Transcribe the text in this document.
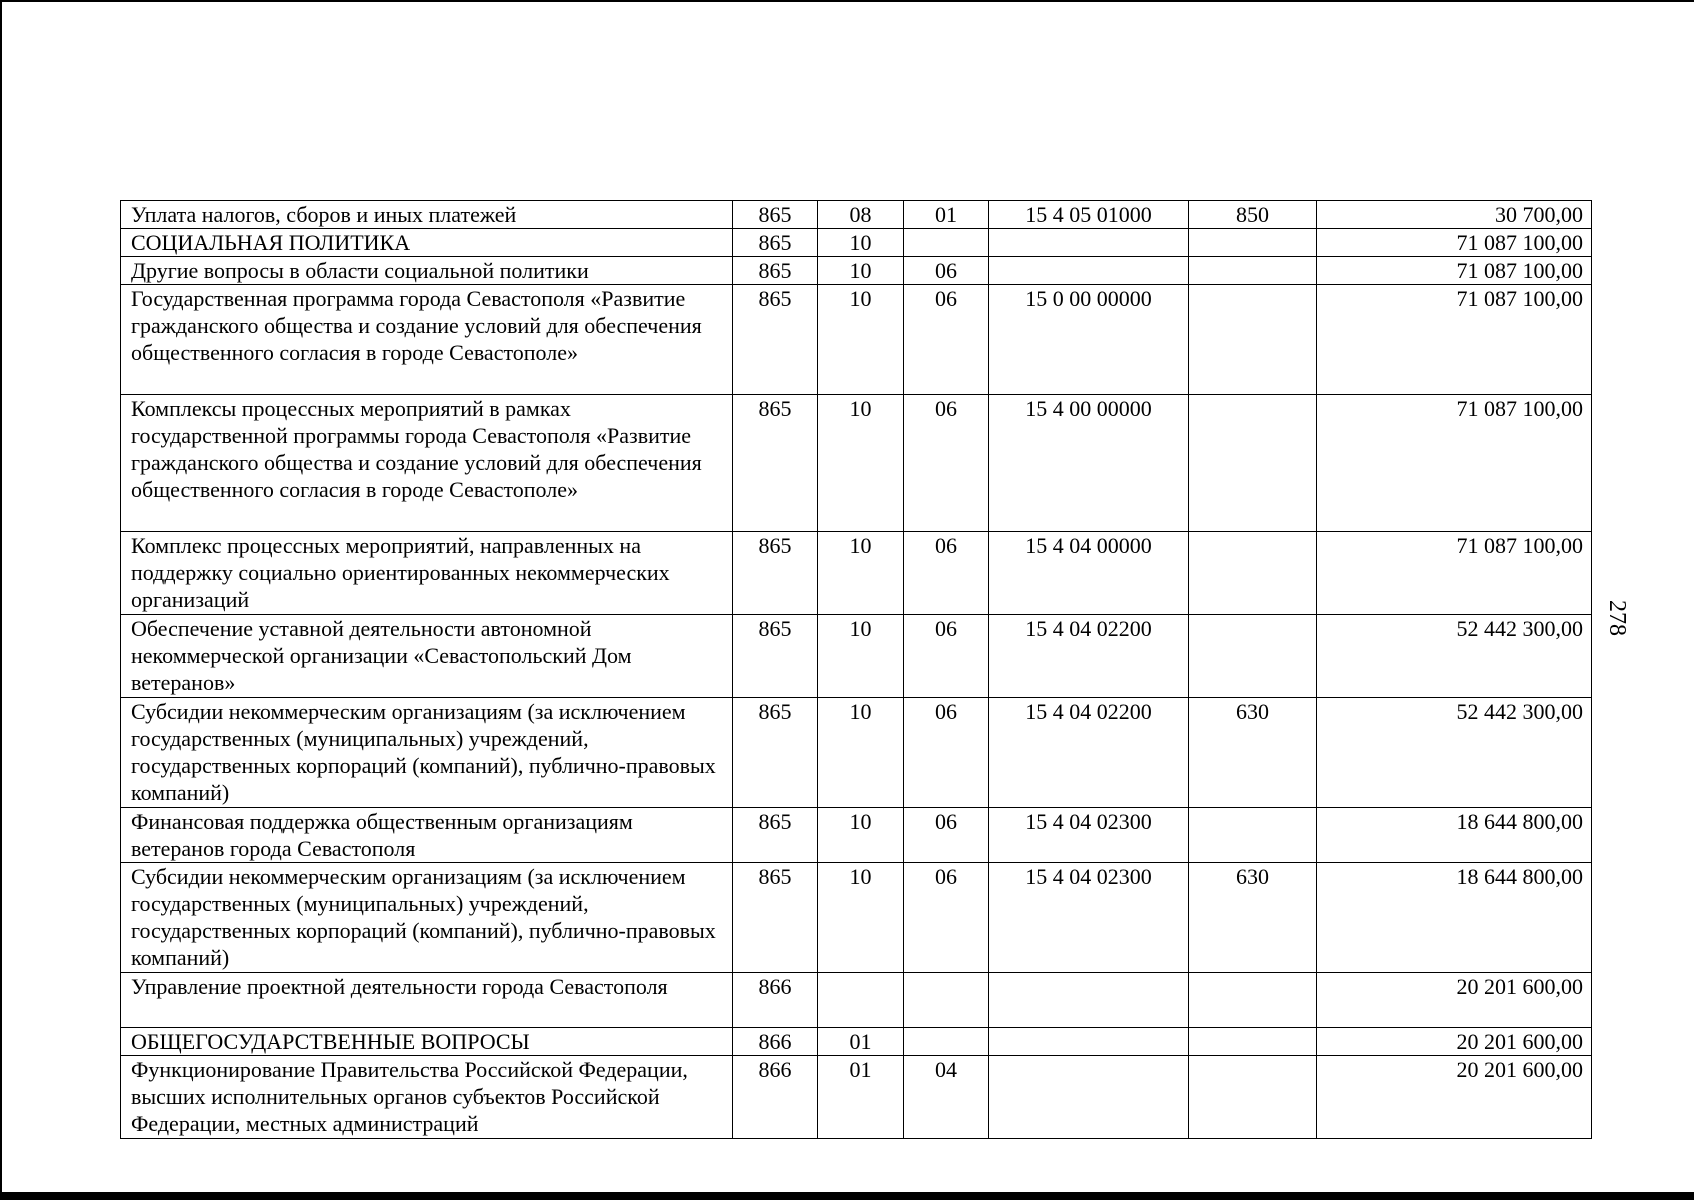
Уплата налогов, сборов и иных платежей	865	08	01	15 4 05 01000	850	30 700,00
СОЦИАЛЬНАЯ ПОЛИТИКА	865	10				71 087 100,00
Другие вопросы в области социальной политики	865	10	06			71 087 100,00
Государственная программа города Севастополя «Развитие гражданского общества и создание условий для обеспечения общественного согласия в городе Севастополе»	865	10	06	15 0 00 00000		71 087 100,00
Комплексы процессных мероприятий в рамках государственной программы города Севастополя «Развитие гражданского общества и создание условий для обеспечения общественного согласия в городе Севастополе»	865	10	06	15 4 00 00000		71 087 100,00
Комплекс процессных мероприятий, направленных на поддержку социально ориентированных некоммерческих организаций	865	10	06	15 4 04 00000		71 087 100,00
Обеспечение уставной деятельности автономной некоммерческой организации «Севастопольский Дом ветеранов»	865	10	06	15 4 04 02200		52 442 300,00
Субсидии некоммерческим организациям (за исключением государственных (муниципальных) учреждений, государственных корпораций (компаний), публично-правовых компаний)	865	10	06	15 4 04 02200	630	52 442 300,00
Финансовая поддержка общественным организациям ветеранов города Севастополя	865	10	06	15 4 04 02300		18 644 800,00
Субсидии некоммерческим организациям (за исключением государственных (муниципальных) учреждений, государственных корпораций (компаний), публично-правовых компаний)	865	10	06	15 4 04 02300	630	18 644 800,00
Управление проектной деятельности города Севастополя	866					20 201 600,00
ОБЩЕГОСУДАРСТВЕННЫЕ ВОПРОСЫ	866	01				20 201 600,00
Функционирование Правительства Российской Федерации, высших исполнительных органов субъектов Российской Федерации, местных администраций	866	01	04			20 201 600,00
278
